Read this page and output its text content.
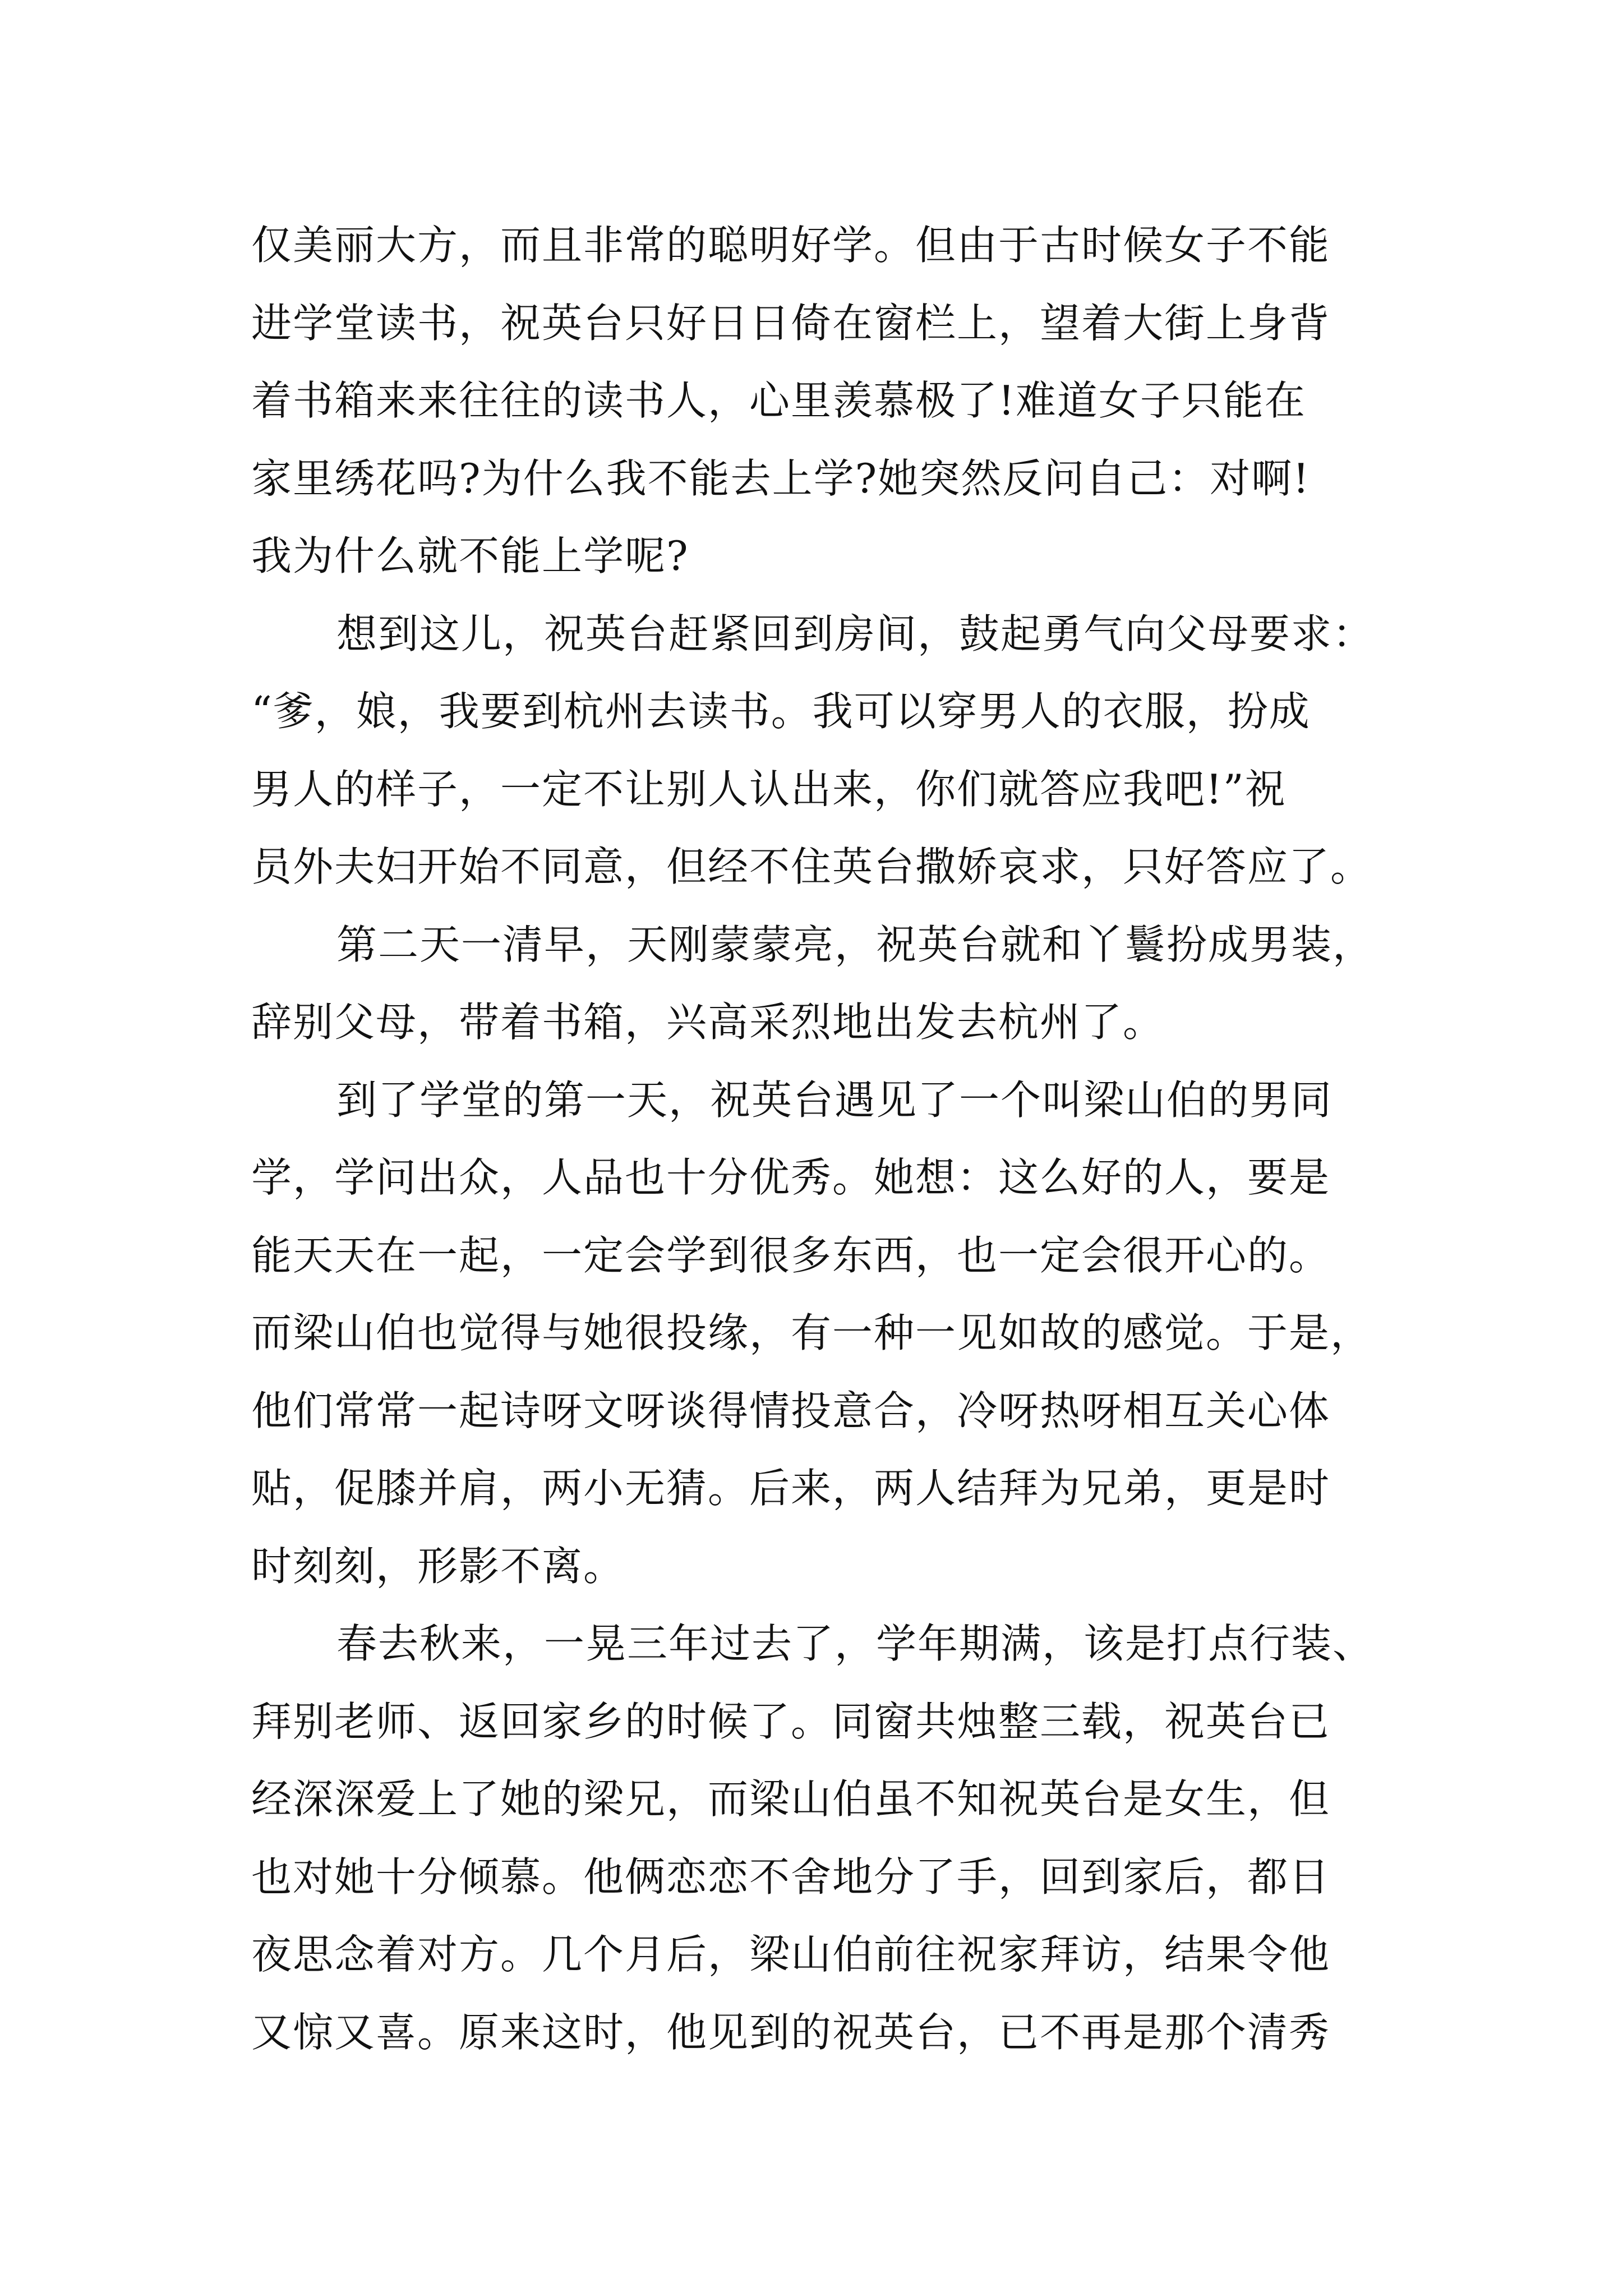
仅美丽大方，而且非常的聪明好学。但由于古时候女子不能
进学堂读书，祝英台只好日日倚在窗栏上，望着大街上身背
着书箱来来往往的读书人，心里羡慕极了!难道女子只能在
家里绣花吗?为什么我不能去上学?她突然反问自己：对啊!
我为什么就不能上学呢?
想到这儿，祝英台赶紧回到房间，鼓起勇气向父母要求：
“爹，娘，我要到杭州去读书。我可以穿男人的衣服，扮成
男人的样子，一定不让别人认出来，你们就答应我吧!”祝
员外夫妇开始不同意，但经不住英台撒娇哀求，只好答应了。
第二天一清早，天刚蒙蒙亮，祝英台就和丫鬟扮成男装，
辞别父母，带着书箱，兴高采烈地出发去杭州了。
到了学堂的第一天，祝英台遇见了一个叫梁山伯的男同
学，学问出众，人品也十分优秀。她想：这么好的人，要是
能天天在一起，一定会学到很多东西，也一定会很开心的。
而梁山伯也觉得与她很投缘，有一种一见如故的感觉。于是，
他们常常一起诗呀文呀谈得情投意合，冷呀热呀相互关心体
贴，促膝并肩，两小无猜。后来，两人结拜为兄弟，更是时
时刻刻，形影不离。
春去秋来，一晃三年过去了，学年期满，该是打点行装、
拜别老师、返回家乡的时候了。同窗共烛整三载，祝英台已
经深深爱上了她的梁兄，而梁山伯虽不知祝英台是女生，但
也对她十分倾慕。他俩恋恋不舍地分了手，回到家后，都日
夜思念着对方。几个月后，梁山伯前往祝家拜访，结果令他
又惊又喜。原来这时，他见到的祝英台，已不再是那个清秀
